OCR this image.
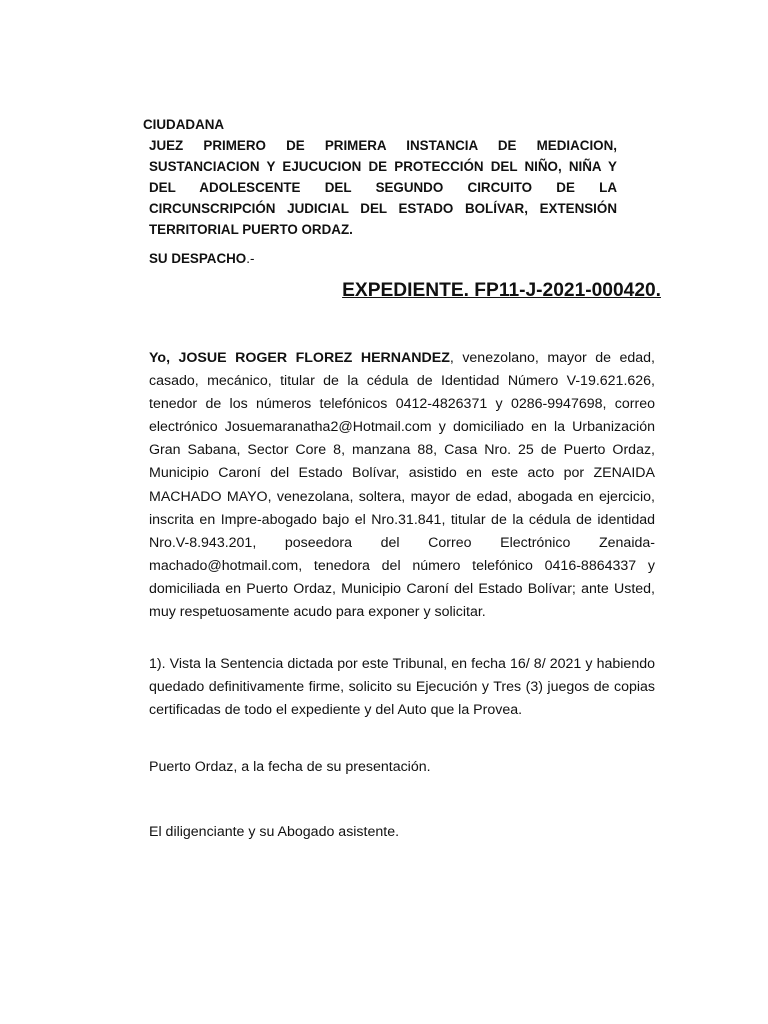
CIUDADANA
JUEZ PRIMERO DE PRIMERA INSTANCIA DE MEDIACION, SUSTANCIACION Y EJUCUCION DE PROTECCIÓN DEL NIÑO, NIÑA Y DEL ADOLESCENTE DEL SEGUNDO CIRCUITO DE LA CIRCUNSCRIPCIÓN JUDICIAL DEL ESTADO BOLÍVAR, EXTENSIÓN TERRITORIAL PUERTO ORDAZ.
SU DESPACHO.-
EXPEDIENTE. FP11-J-2021-000420.
Yo, JOSUE ROGER FLOREZ HERNANDEZ, venezolano, mayor de edad, casado, mecánico, titular de la cédula de Identidad Número V-19.621.626, tenedor de los números telefónicos 0412-4826371 y 0286-9947698, correo electrónico Josuemaranatha2@Hotmail.com y domiciliado en la Urbanización Gran Sabana, Sector Core 8, manzana 88, Casa Nro. 25 de Puerto Ordaz, Municipio Caroní del Estado Bolívar, asistido en este acto por ZENAIDA MACHADO MAYO, venezolana, soltera, mayor de edad, abogada en ejercicio, inscrita en Impre-abogado bajo el Nro.31.841, titular de la cédula de identidad Nro.V-8.943.201, poseedora del Correo Electrónico Zenaida-machado@hotmail.com, tenedora del número telefónico 0416-8864337 y domiciliada en Puerto Ordaz, Municipio Caroní del Estado Bolívar; ante Usted, muy respetuosamente acudo para exponer y solicitar.
1). Vista la Sentencia dictada por este Tribunal, en fecha 16/ 8/ 2021 y habiendo quedado definitivamente firme, solicito su Ejecución y Tres (3) juegos de copias certificadas de todo el expediente y del Auto que la Provea.
Puerto Ordaz, a la fecha de su presentación.
El diligenciante y su Abogado asistente.
